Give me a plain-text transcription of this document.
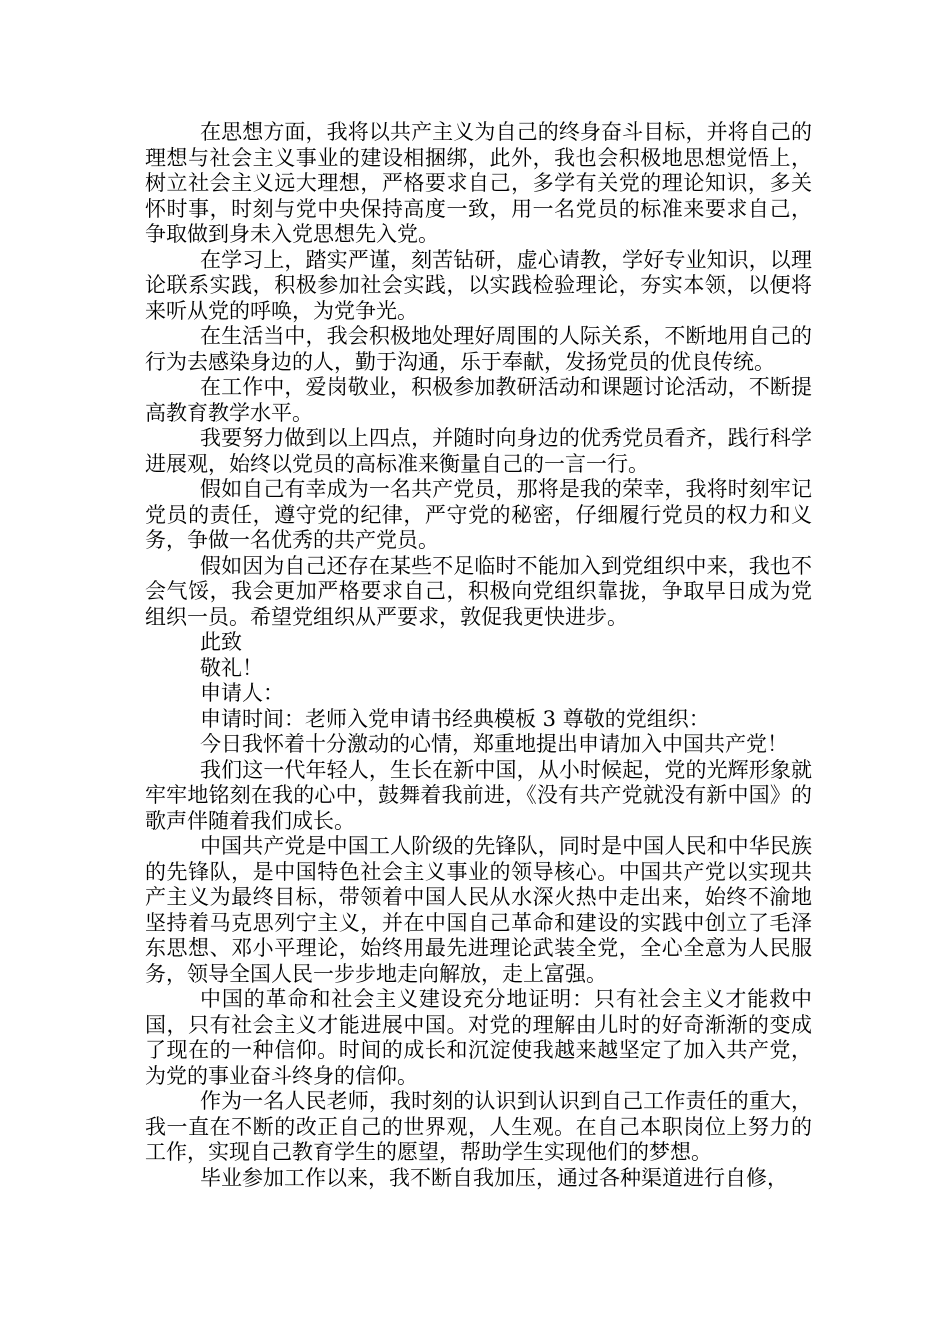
在思想方面，我将以共产主义为自己的终身奋斗目标，并将自己的理想与社会主义事业的建设相捆绑，此外，我也会积极地思想觉悟上，树立社会主义远大理想，严格要求自己，多学有关党的理论知识，多关怀时事，时刻与党中央保持高度一致，用一名党员的标准来要求自己，争取做到身未入党思想先入党。

在学习上，踏实严谨，刻苦钻研，虚心请教，学好专业知识，以理论联系实践，积极参加社会实践，以实践检验理论，夯实本领，以便将来听从党的呼唤，为党争光。

在生活当中，我会积极地处理好周围的人际关系，不断地用自己的行为去感染身边的人，勤于沟通，乐于奉献，发扬党员的优良传统。

在工作中，爱岗敬业，积极参加教研活动和课题讨论活动，不断提高教育教学水平。

我要努力做到以上四点，并随时向身边的优秀党员看齐，践行科学进展观，始终以党员的高标准来衡量自己的一言一行。

假如自己有幸成为一名共产党员，那将是我的荣幸，我将时刻牢记党员的责任，遵守党的纪律，严守党的秘密，仔细履行党员的权力和义务，争做一名优秀的共产党员。

假如因为自己还存在某些不足临时不能加入到党组织中来，我也不会气馁，我会更加严格要求自己，积极向党组织靠拢，争取早日成为党组织一员。希望党组织从严要求，敦促我更快进步。

此致

敬礼！

申请人：

申请时间：老师入党申请书经典模板 3 尊敬的党组织：

今日我怀着十分激动的心情，郑重地提出申请加入中国共产党！

我们这一代年轻人，生长在新中国，从小时候起，党的光辉形象就牢牢地铭刻在我的心中，鼓舞着我前进，《没有共产党就没有新中国》的歌声伴随着我们成长。

中国共产党是中国工人阶级的先锋队，同时是中国人民和中华民族的先锋队，是中国特色社会主义事业的领导核心。中国共产党以实现共产主义为最终目标，带领着中国人民从水深火热中走出来，始终不渝地坚持着马克思列宁主义，并在中国自己革命和建设的实践中创立了毛泽东思想、邓小平理论，始终用最先进理论武装全党，全心全意为人民服务，领导全国人民一步步地走向解放，走上富强。

中国的革命和社会主义建设充分地证明：只有社会主义才能救中国，只有社会主义才能进展中国。对党的理解由儿时的好奇渐渐的变成了现在的一种信仰。时间的成长和沉淀使我越来越坚定了加入共产党，为党的事业奋斗终身的信仰。

作为一名人民老师，我时刻的认识到认识到自己工作责任的重大，我一直在不断的改正自己的世界观，人生观。在自己本职岗位上努力的工作，实现自己教育学生的愿望，帮助学生实现他们的梦想。

毕业参加工作以来，我不断自我加压，通过各种渠道进行自修，
